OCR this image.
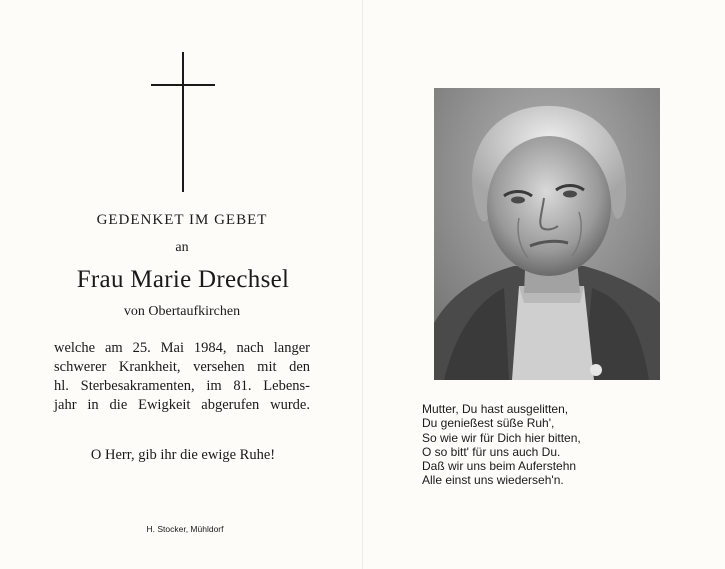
GEDENKET IM GEBET
an
Frau Marie Drechsel
von Obertaufkirchen
welche am 25. Mai 1984, nach langer
schwerer Krankheit, versehen mit den
hl. Sterbesakramenten, im 81. Lebens-
jahr in die Ewigkeit abgerufen wurde.
O Herr, gib ihr die ewige Ruhe!
H. Stocker, Mühldorf
Mutter, Du hast ausgelitten,
Du genießest süße Ruh',
So wie wir für Dich hier bitten,
O so bitt' für uns auch Du.
Daß wir uns beim Auferstehn
Alle einst uns wiederseh'n.
